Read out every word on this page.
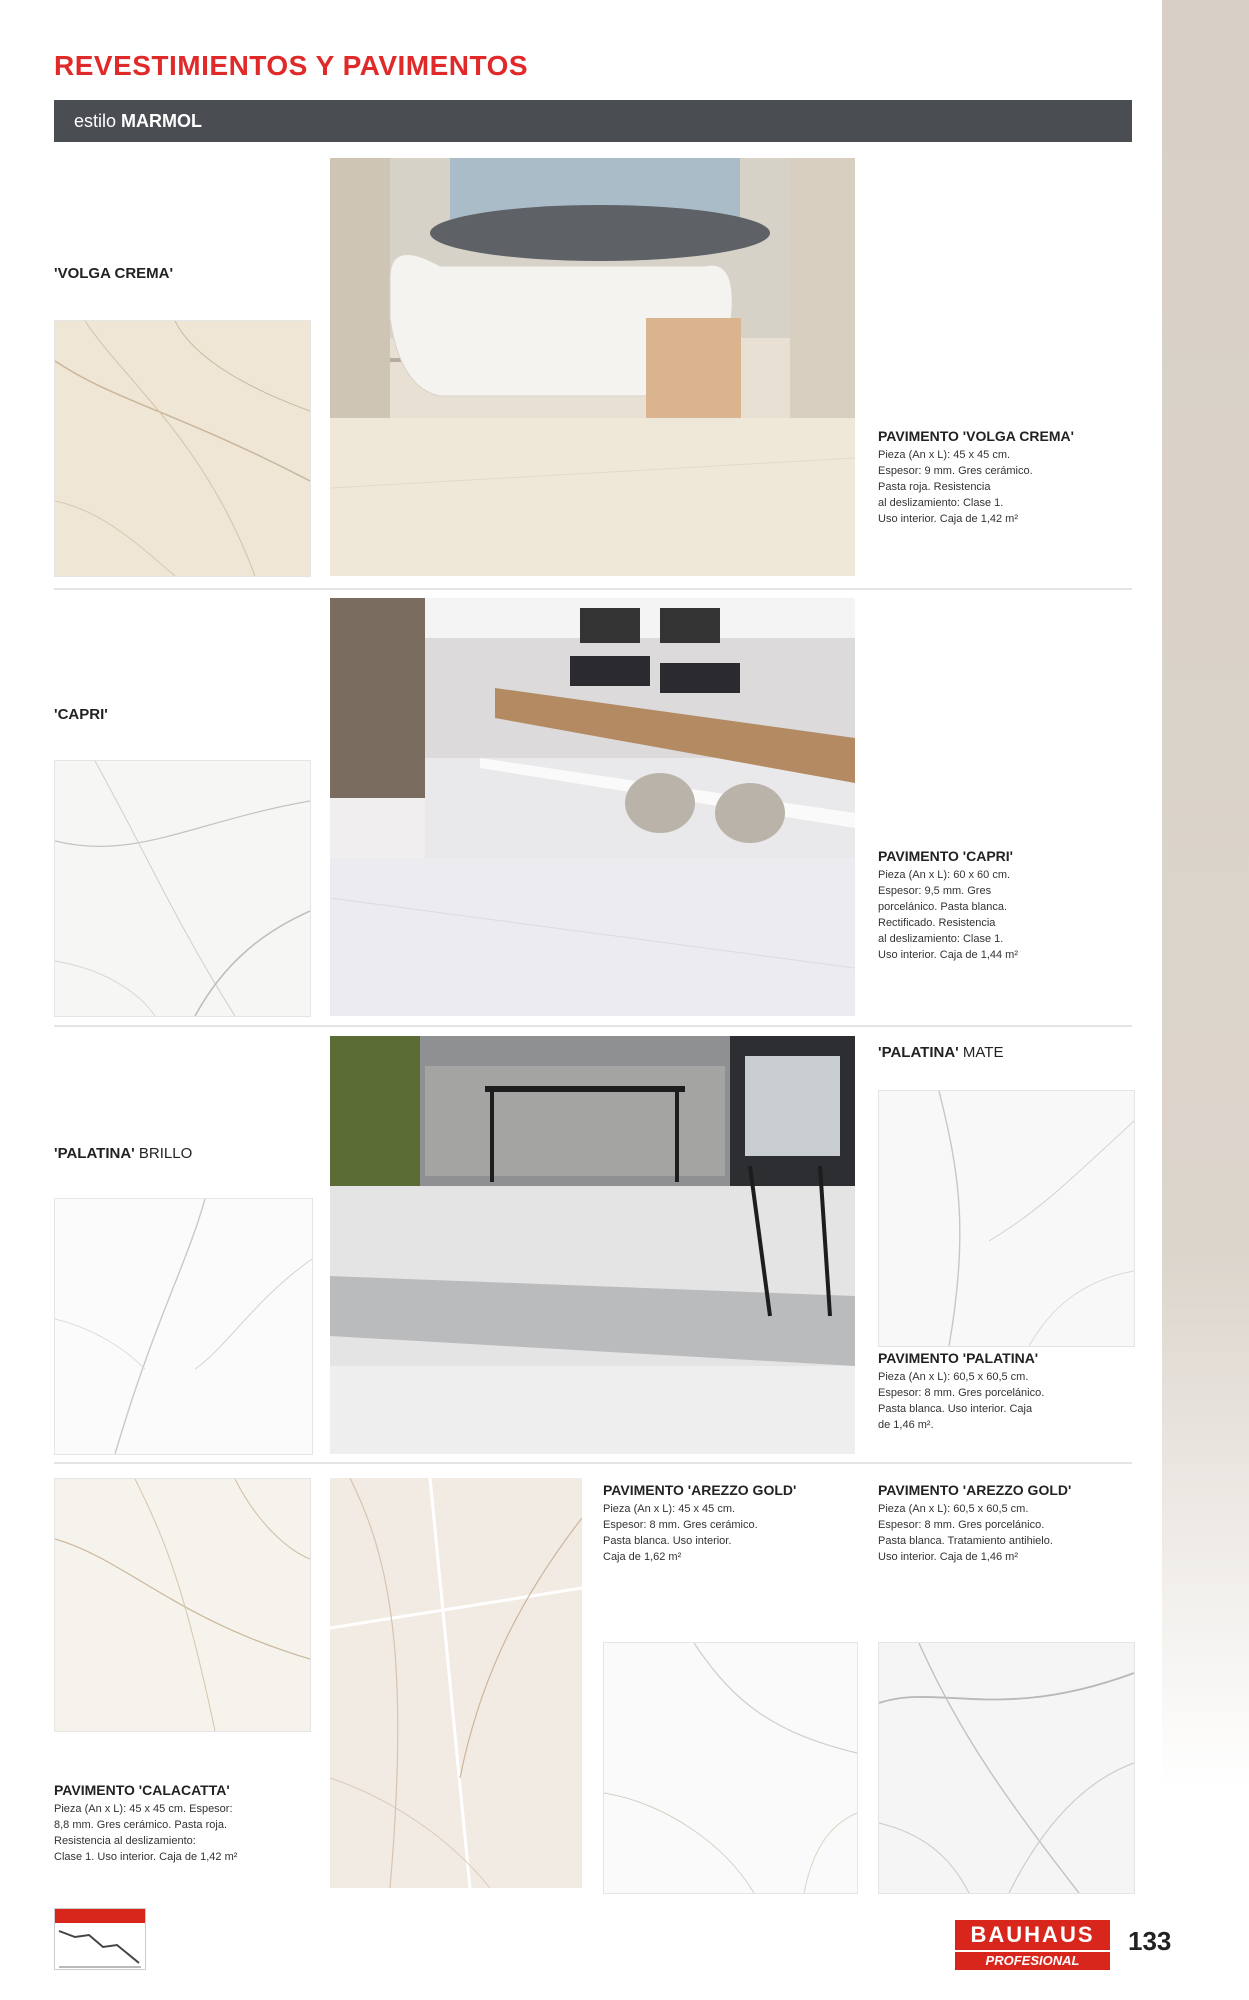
REVESTIMIENTOS Y PAVIMENTOS
estilo MARMOL
'VOLGA CREMA'
PAVIMENTO 'VOLGA CREMA'
Pieza (An x L): 45 x 45 cm.
Espesor: 9 mm. Gres cerámico.
Pasta roja. Resistencia
al deslizamiento: Clase 1.
Uso interior. Caja de 1,42 m²
'CAPRI'
PAVIMENTO 'CAPRI'
Pieza (An x L): 60 x 60 cm.
Espesor: 9,5 mm. Gres
porcelánico. Pasta blanca.
Rectificado. Resistencia
al deslizamiento: Clase 1.
Uso interior. Caja de 1,44 m²
'PALATINA' BRILLO
'PALATINA' MATE
PAVIMENTO 'PALATINA'
Pieza (An x L): 60,5 x 60,5 cm.
Espesor: 8 mm. Gres porcelánico.
Pasta blanca. Uso interior. Caja
de 1,46 m².
PAVIMENTO 'CALACATTA'
Pieza (An x L): 45 x 45 cm. Espesor:
8,8 mm. Gres cerámico. Pasta roja.
Resistencia al deslizamiento:
Clase 1. Uso interior. Caja de 1,42 m²
PAVIMENTO 'AREZZO GOLD'
Pieza (An x L): 45 x 45 cm.
Espesor: 8 mm. Gres cerámico.
Pasta blanca. Uso interior.
Caja de 1,62 m²
PAVIMENTO 'AREZZO GOLD'
Pieza (An x L): 60,5 x 60,5 cm.
Espesor: 8 mm. Gres porcelánico.
Pasta blanca. Tratamiento antihielo.
Uso interior. Caja de 1,46 m²
BAUHAUS
PROFESIONAL
133
